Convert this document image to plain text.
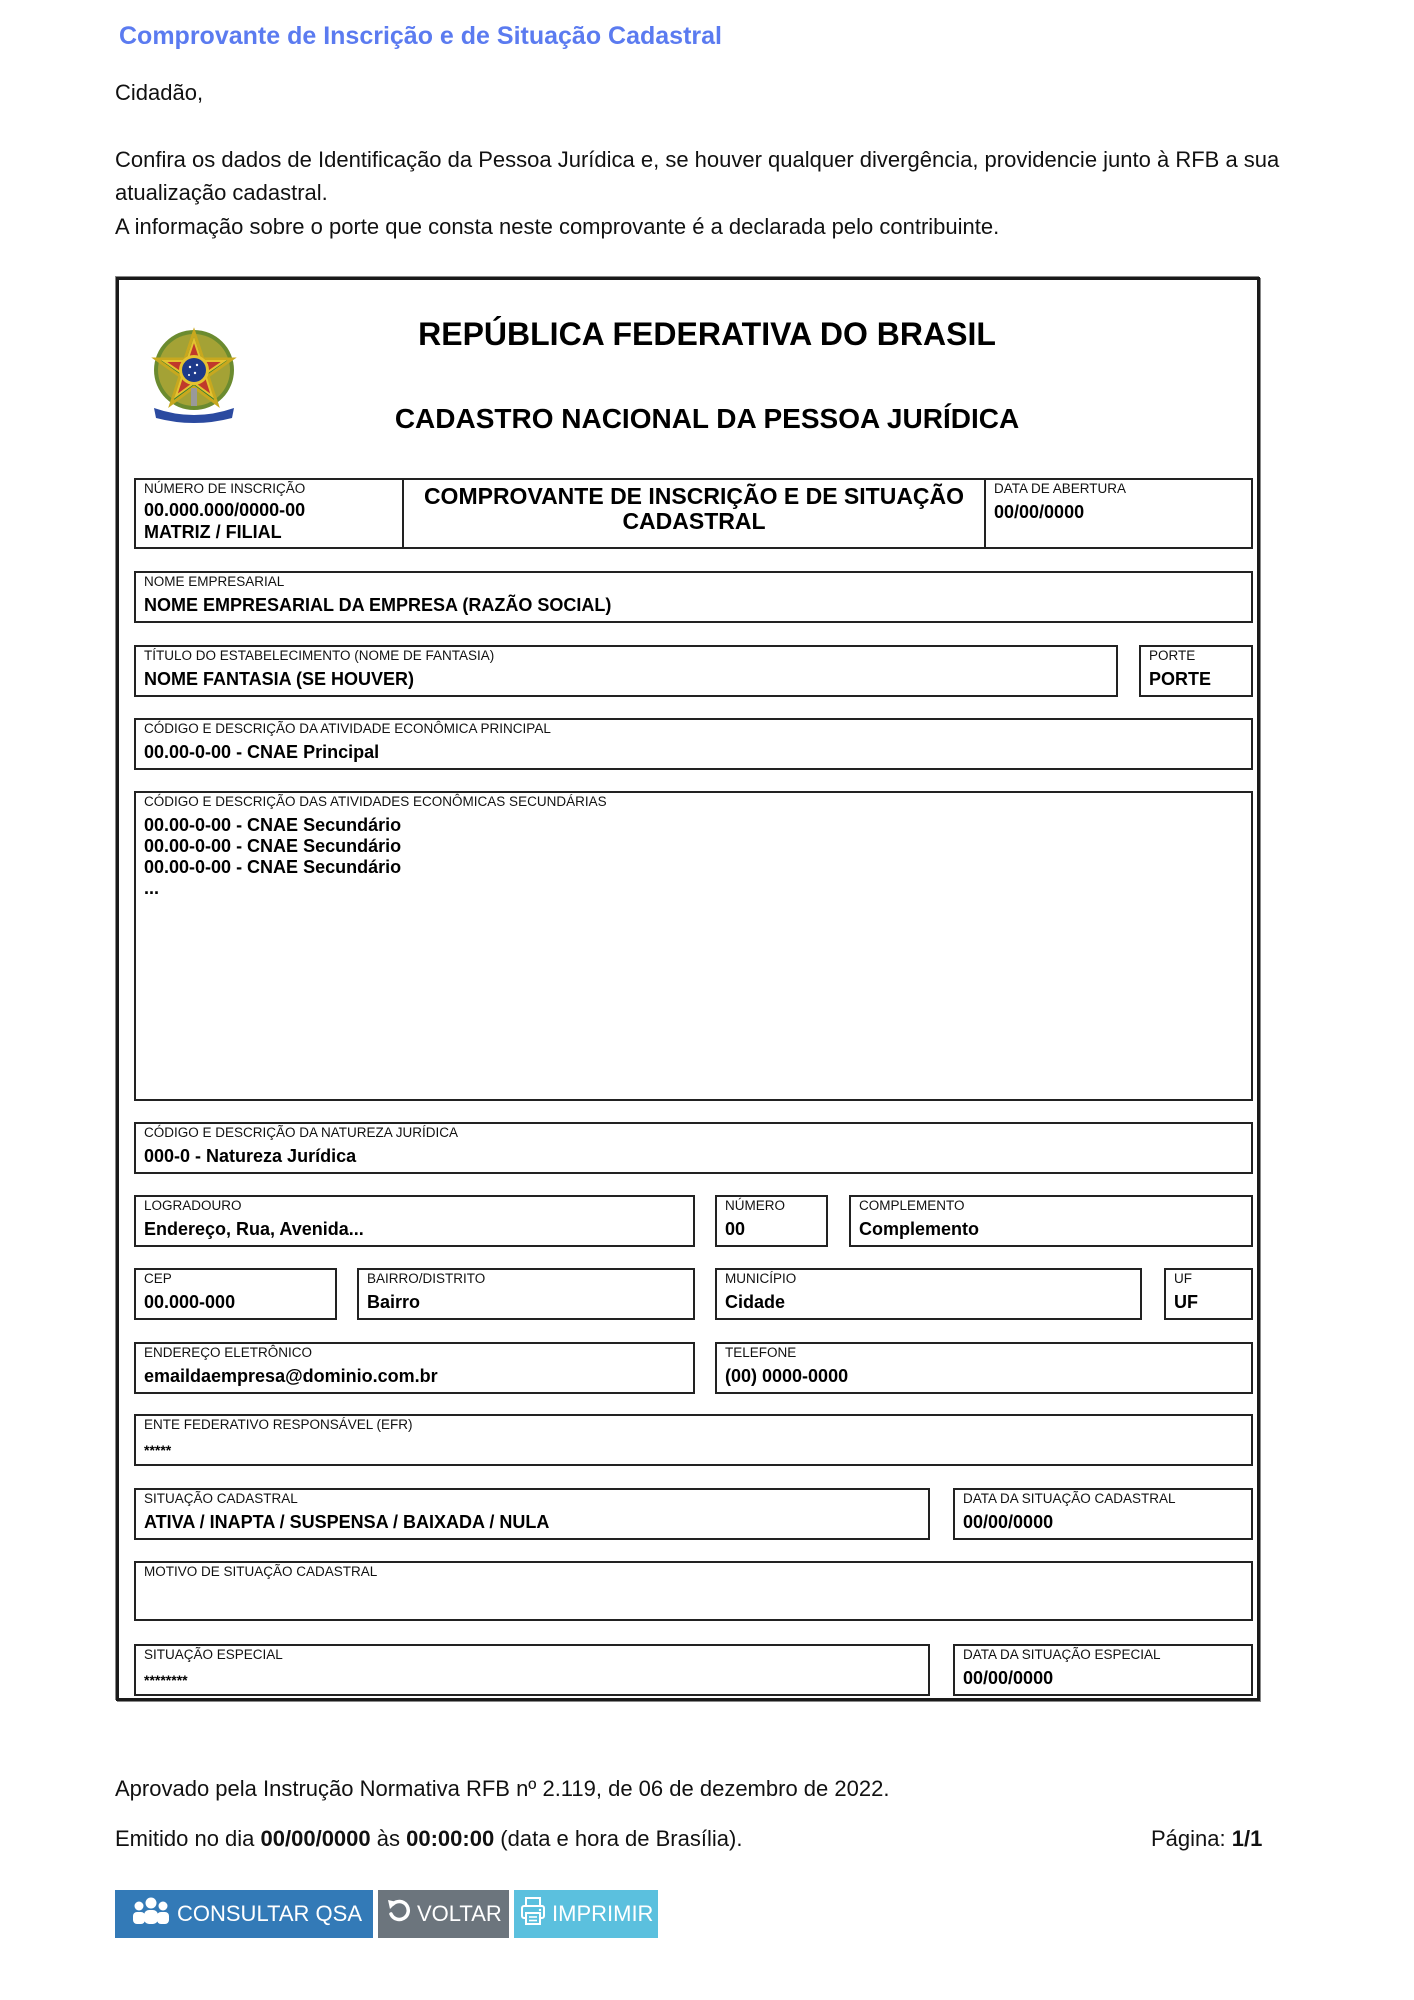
Comprovante de Inscrição e de Situação Cadastral
Cidadão,
Confira os dados de Identificação da Pessoa Jurídica e, se houver qualquer divergência, providencie junto à RFB a sua
atualização cadastral.
A informação sobre o porte que consta neste comprovante é a declarada pelo contribuinte.
REPÚBLICA FEDERATIVA DO BRASIL
CADASTRO NACIONAL DA PESSOA JURÍDICA
NÚMERO DE INSCRIÇÃO
00.000.000/0000-00
MATRIZ / FILIAL
COMPROVANTE DE INSCRIÇÃO E DE SITUAÇÃO CADASTRAL
DATA DE ABERTURA
00/00/0000
NOME EMPRESARIAL
NOME EMPRESARIAL DA EMPRESA (RAZÃO SOCIAL)
TÍTULO DO ESTABELECIMENTO (NOME DE FANTASIA)
NOME FANTASIA (SE HOUVER)
PORTE
PORTE
CÓDIGO E DESCRIÇÃO DA ATIVIDADE ECONÔMICA PRINCIPAL
00.00-0-00 - CNAE Principal
CÓDIGO E DESCRIÇÃO DAS ATIVIDADES ECONÔMICAS SECUNDÁRIAS
00.00-0-00 - CNAE Secundário
00.00-0-00 - CNAE Secundário
00.00-0-00 - CNAE Secundário
...
CÓDIGO E DESCRIÇÃO DA NATUREZA JURÍDICA
000-0 - Natureza Jurídica
LOGRADOURO
Endereço, Rua, Avenida...
NÚMERO
00
COMPLEMENTO
Complemento
CEP
00.000-000
BAIRRO/DISTRITO
Bairro
MUNICÍPIO
Cidade
UF
UF
ENDEREÇO ELETRÔNICO
emaildaempresa@dominio.com.br
TELEFONE
(00) 0000-0000
ENTE FEDERATIVO RESPONSÁVEL (EFR)
*****
SITUAÇÃO CADASTRAL
ATIVA / INAPTA / SUSPENSA / BAIXADA / NULA
DATA DA SITUAÇÃO CADASTRAL
00/00/0000
MOTIVO DE SITUAÇÃO CADASTRAL
SITUAÇÃO ESPECIAL
********
DATA DA SITUAÇÃO ESPECIAL
00/00/0000
Aprovado pela Instrução Normativa RFB nº 2.119, de 06 de dezembro de 2022.
Emitido no dia 00/00/0000 às 00:00:00 (data e hora de Brasília).	Página: 1/1
CONSULTAR QSA	VOLTAR IMPRIMIR
